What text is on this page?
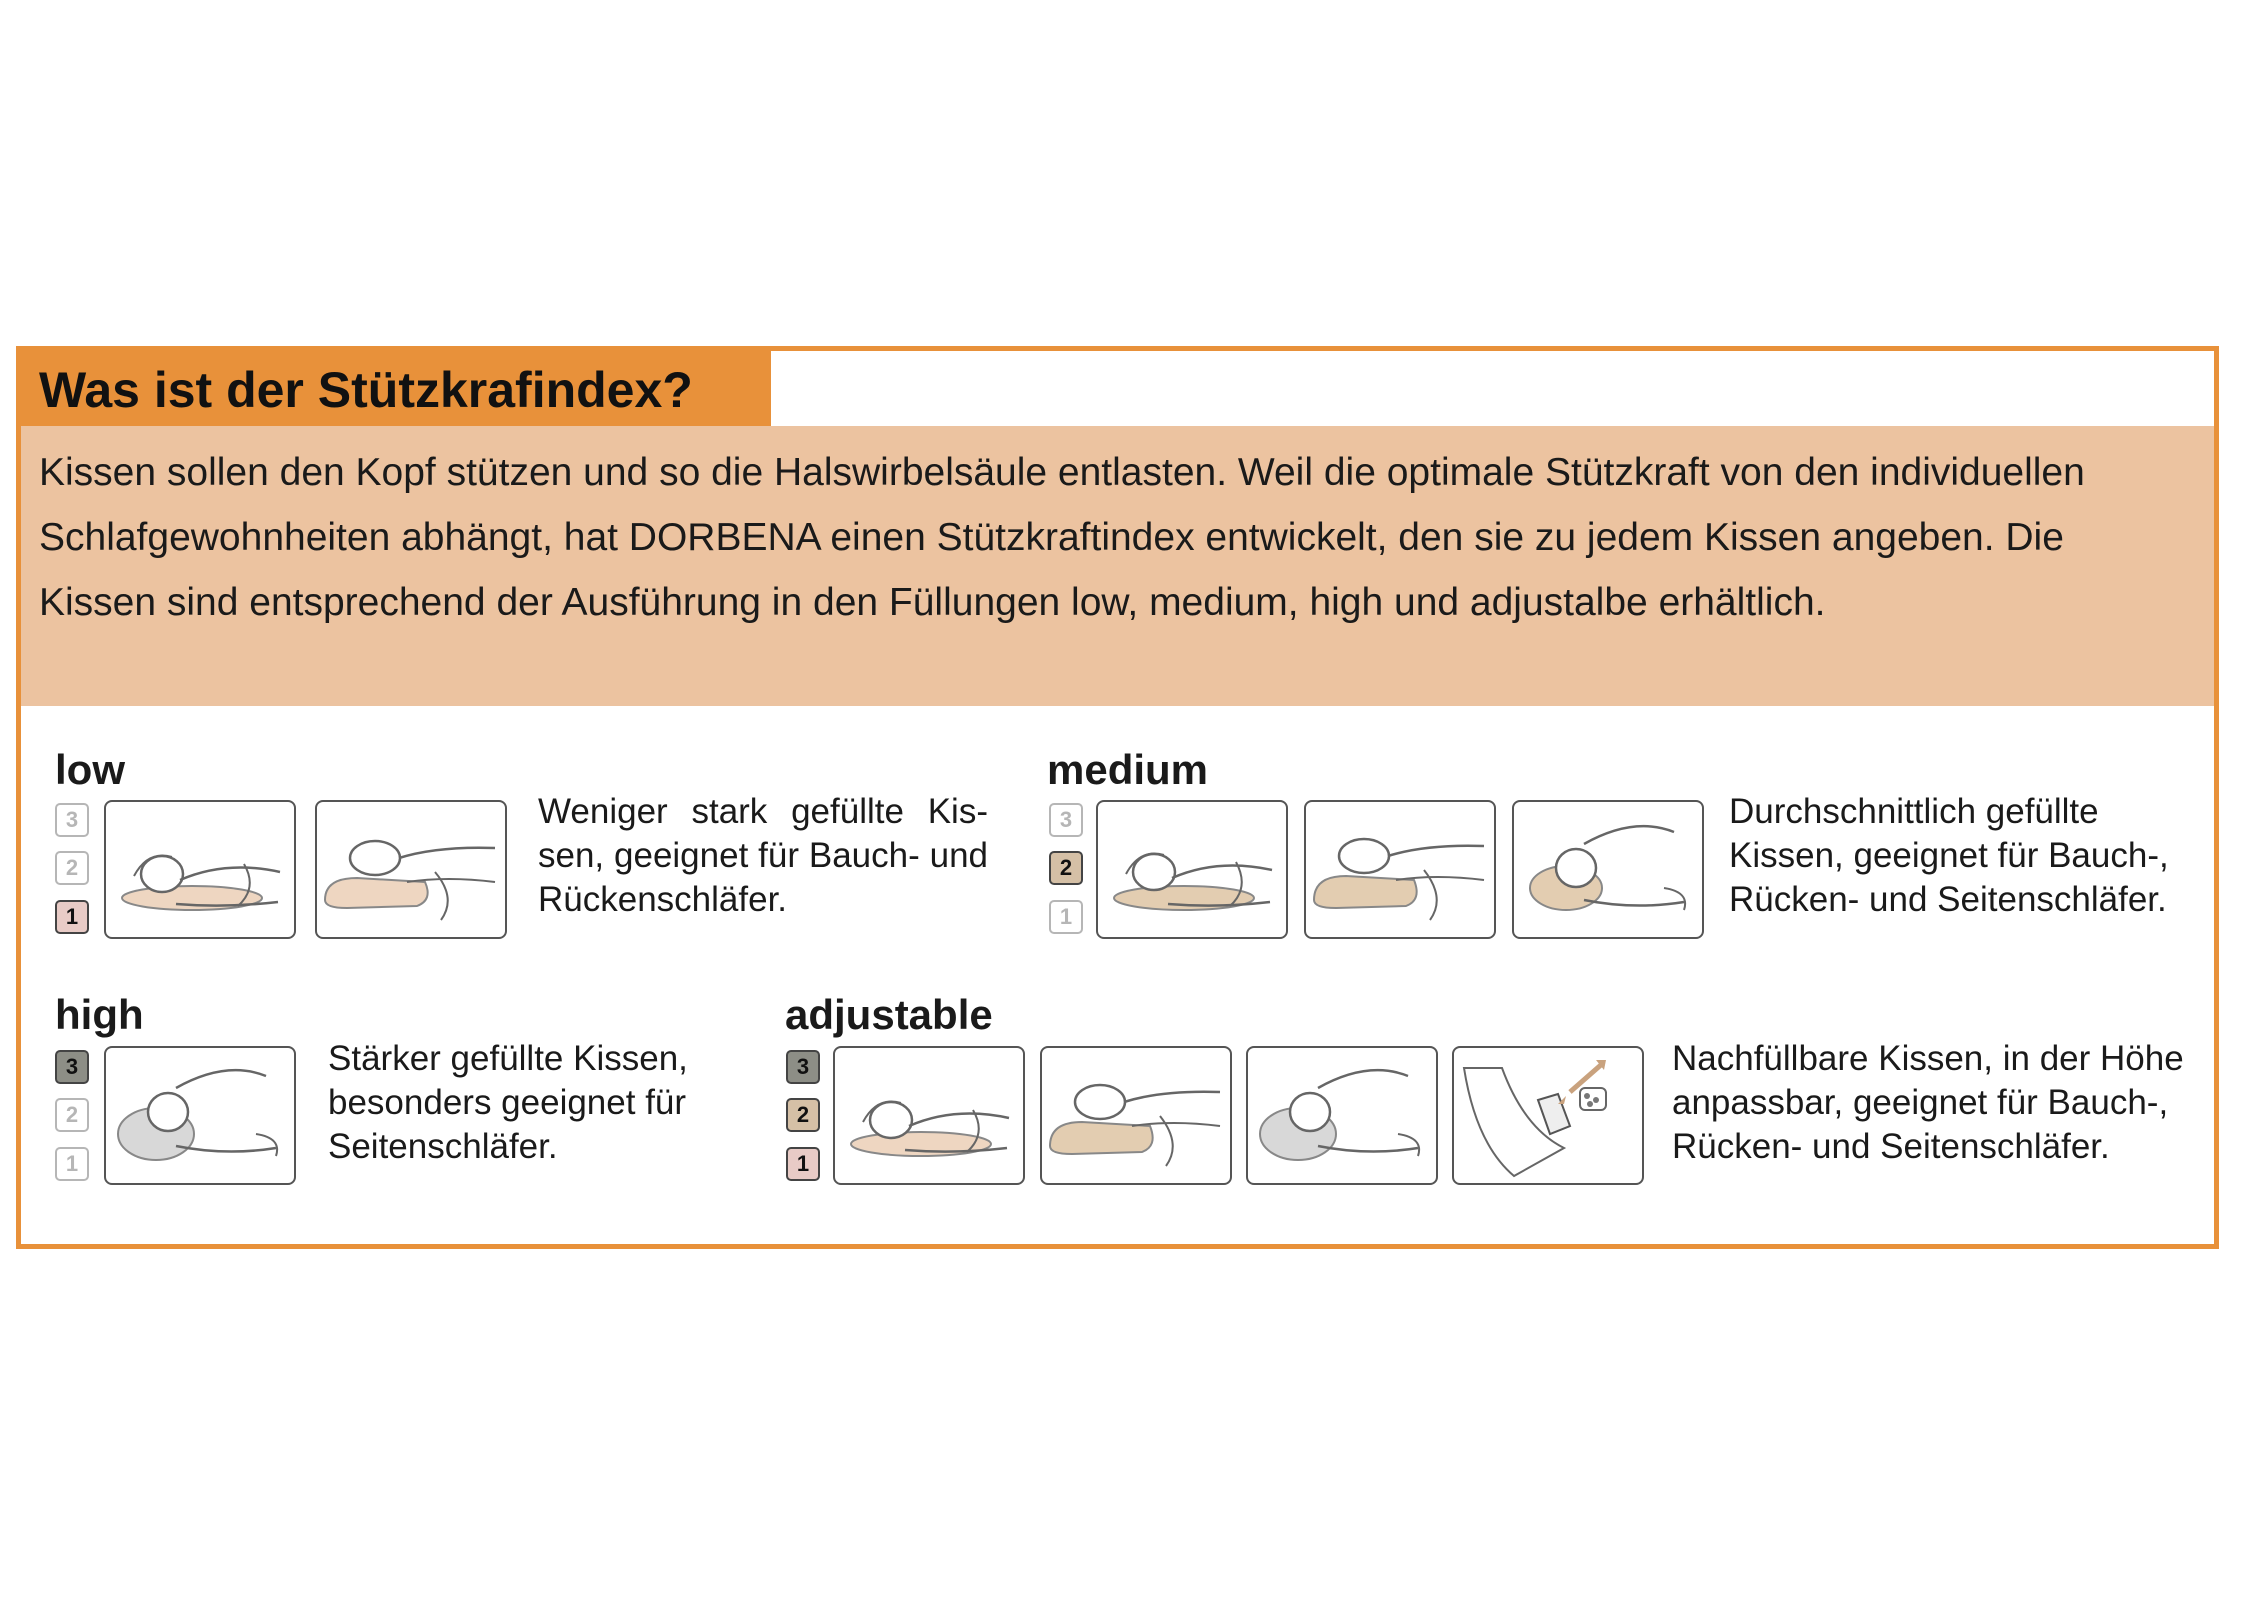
Was ist der Stützkrafindex?

Kissen sollen den Kopf stützen und so die Halswirbelsäule entlasten. Weil die optimale Stützkraft von den individuellen Schlafgewohnheiten abhängt, hat DORBENA einen Stützkraftindex entwickelt, den sie zu jedem Kissen angeben. Die Kissen sind entsprechend der Ausführung in den Füllungen low, medium, high und adjustalbe erhältlich.

low
3
2
1
Weniger stark gefüllte Kis-sen, geeignet für Bauch- und Rückenschläfer.
medium
3
2
1
Durchschnittlich gefüllte Kissen, geeignet für Bauch-, Rücken- und Seitenschläfer.
high
3
2
1
Stärker gefüllte Kissen, besonders geeignet für Seitenschläfer.
adjustable
3
2
1
Nachfüllbare Kissen, in der Höhe anpassbar, geeignet für Bauch-, Rücken- und Seitenschläfer.
